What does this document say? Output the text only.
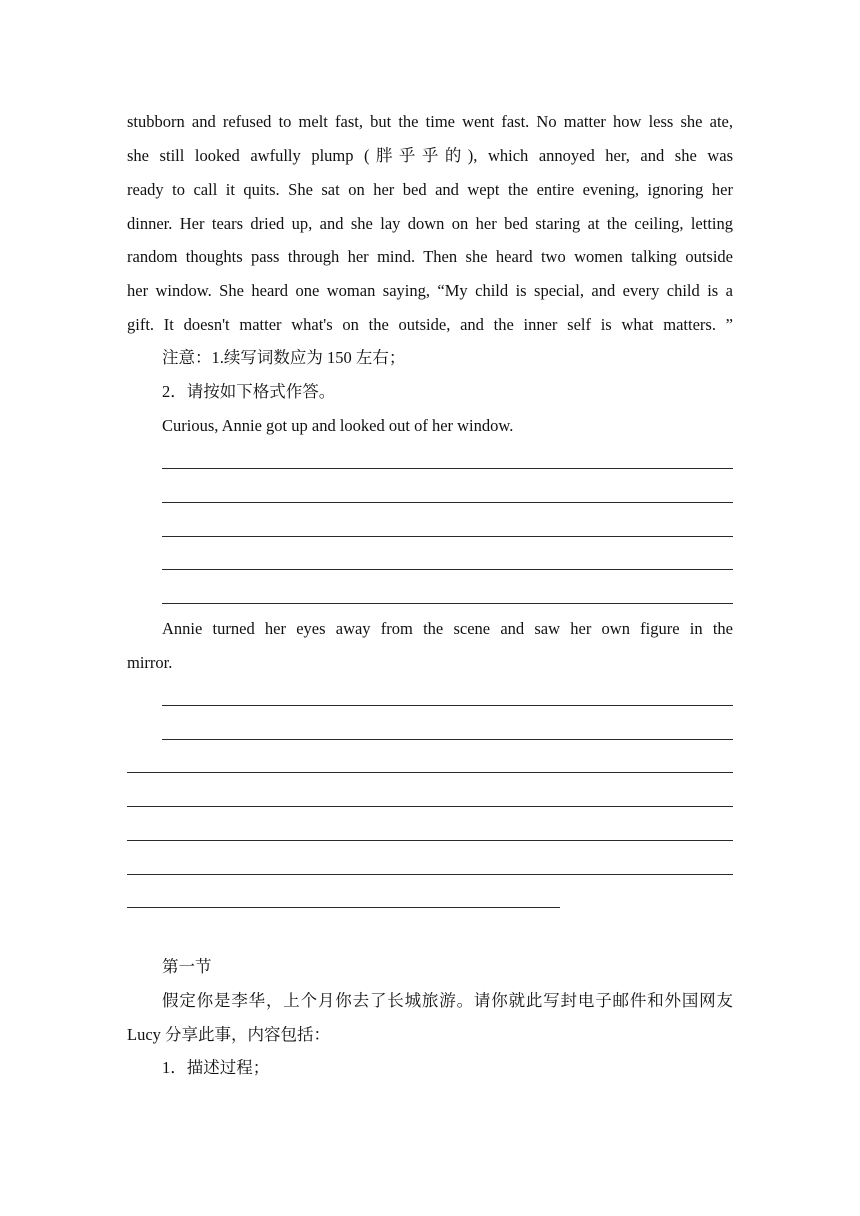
stubborn and refused to melt fast, but the time went fast. No matter how less she ate,
she still looked awfully plump (胖乎乎的), which annoyed her, and she was
ready to call it quits. She sat on her bed and wept the entire evening, ignoring her
dinner. Her tears dried up, and she lay down on her bed staring at the ceiling, letting
random thoughts pass through her mind. Then she heard two women talking outside
her window. She heard one woman saying, “My child is special, and every child is a
gift. It doesn't matter what's on the outside, and the inner self is what matters. ”
注意：1.续写词数应为 150 左右；
2．请按如下格式作答。
Curious, Annie got up and looked out of her window.
Annie turned her eyes away from the scene and saw her own figure in the
mirror.
第一节
假定你是李华，上个月你去了长城旅游。请你就此写封电子邮件和外国网友
Lucy 分享此事，内容包括：
1．描述过程；
